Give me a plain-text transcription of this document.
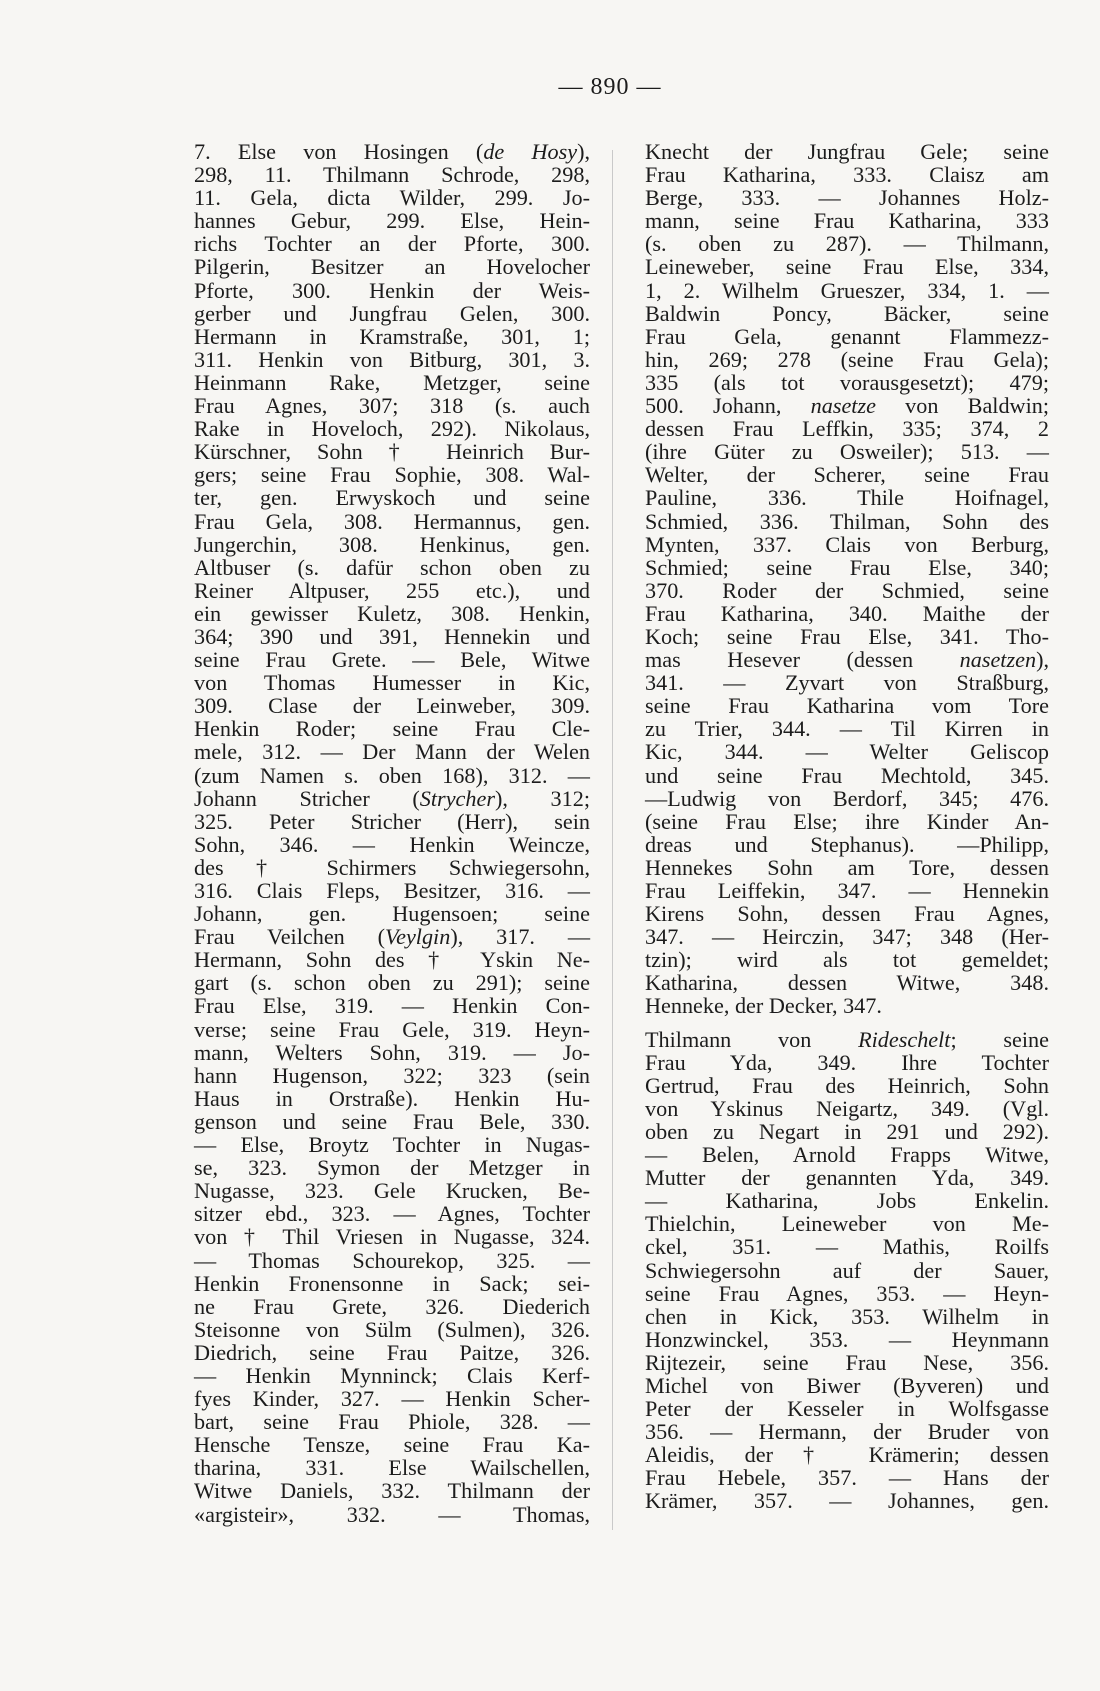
— 890 —
7. Else von Hosingen (de Hosy),
298, 11. Thilmann Schrode, 298,
11. Gela, dicta Wilder, 299. Jo-
hannes Gebur, 299. Else, Hein-
richs Tochter an der Pforte, 300.
Pilgerin, Besitzer an Hovelocher
Pforte, 300. Henkin der Weis-
gerber und Jungfrau Gelen, 300.
Hermann in Kramstraße, 301, 1;
311. Henkin von Bitburg, 301, 3.
Heinmann Rake, Metzger, seine
Frau Agnes, 307; 318 (s. auch
Rake in Hoveloch, 292). Nikolaus,
Kürschner, Sohn † Heinrich Bur-
gers; seine Frau Sophie, 308. Wal-
ter, gen. Erwyskoch und seine
Frau Gela, 308. Hermannus, gen.
Jungerchin, 308. Henkinus, gen.
Altbuser (s. dafür schon oben zu
Reiner Altpuser, 255 etc.), und
ein gewisser Kuletz, 308. Henkin,
364; 390 und 391, Hennekin und
seine Frau Grete. — Bele, Witwe
von Thomas Humesser in Kic,
309. Clase der Leinweber, 309.
Henkin Roder; seine Frau Cle-
mele, 312. — Der Mann der Welen
(zum Namen s. oben 168), 312. —
Johann Stricher (Strycher), 312;
325. Peter Stricher (Herr), sein
Sohn, 346. — Henkin Weincze,
des † Schirmers Schwiegersohn,
316. Clais Fleps, Besitzer, 316. —
Johann, gen. Hugensoen; seine
Frau Veilchen (Veylgin), 317. —
Hermann, Sohn des † Yskin Ne-
gart (s. schon oben zu 291); seine
Frau Else, 319. — Henkin Con-
verse; seine Frau Gele, 319. Heyn-
mann, Welters Sohn, 319. — Jo-
hann Hugenson, 322; 323 (sein
Haus in Orstraße). Henkin Hu-
genson und seine Frau Bele, 330.
— Else, Broytz Tochter in Nugas-
se, 323. Symon der Metzger in
Nugasse, 323. Gele Krucken, Be-
sitzer ebd., 323. — Agnes, Tochter
von † Thil Vriesen in Nugasse, 324.
— Thomas Schourekop, 325. —
Henkin Fronensonne in Sack; sei-
ne Frau Grete, 326. Diederich
Steisonne von Sülm (Sulmen), 326.
Diedrich, seine Frau Paitze, 326.
— Henkin Mynninck; Clais Kerf-
fyes Kinder, 327. — Henkin Scher-
bart, seine Frau Phiole, 328. —
Hensche Tensze, seine Frau Ka-
tharina, 331. Else Wailschellen,
Witwe Daniels, 332. Thilmann der
«argisteir», 332. — Thomas,
Knecht der Jungfrau Gele; seine
Frau Katharina, 333. Claisz am
Berge, 333. — Johannes Holz-
mann, seine Frau Katharina, 333
(s. oben zu 287). — Thilmann,
Leineweber, seine Frau Else, 334,
1, 2. Wilhelm Grueszer, 334, 1. —
Baldwin Poncy, Bäcker, seine
Frau Gela, genannt Flammezz-
hin, 269; 278 (seine Frau Gela);
335 (als tot vorausgesetzt); 479;
500. Johann, nasetze von Baldwin;
dessen Frau Leffkin, 335; 374, 2
(ihre Güter zu Osweiler); 513. —
Welter, der Scherer, seine Frau
Pauline, 336. Thile Hoifnagel,
Schmied, 336. Thilman, Sohn des
Mynten, 337. Clais von Berburg,
Schmied; seine Frau Else, 340;
370. Roder der Schmied, seine
Frau Katharina, 340. Maithe der
Koch; seine Frau Else, 341. Tho-
mas Hesever (dessen nasetzen),
341. — Zyvart von Straßburg,
seine Frau Katharina vom Tore
zu Trier, 344. — Til Kirren in
Kic, 344. — Welter Geliscop
und seine Frau Mechtold, 345.
—Ludwig von Berdorf, 345; 476.
(seine Frau Else; ihre Kinder An-
dreas und Stephanus). —Philipp,
Hennekes Sohn am Tore, dessen
Frau Leiffekin, 347. — Hennekin
Kirens Sohn, dessen Frau Agnes,
347. — Heirczin, 347; 348 (Her-
tzin); wird als tot gemeldet;
Katharina, dessen Witwe, 348.
Henneke, der Decker, 347.
Thilmann von Rideschelt; seine
Frau Yda, 349. Ihre Tochter
Gertrud, Frau des Heinrich, Sohn
von Yskinus Neigartz, 349. (Vgl.
oben zu Negart in 291 und 292).
— Belen, Arnold Frapps Witwe,
Mutter der genannten Yda, 349.
— Katharina, Jobs Enkelin.
Thielchin, Leineweber von Me-
ckel, 351. — Mathis, Roilfs
Schwiegersohn auf der Sauer,
seine Frau Agnes, 353. — Heyn-
chen in Kick, 353. Wilhelm in
Honzwinckel, 353. — Heynmann
Rijtezeir, seine Frau Nese, 356.
Michel von Biwer (Byveren) und
Peter der Kesseler in Wolfsgasse
356. — Hermann, der Bruder von
Aleidis, der † Krämerin; dessen
Frau Hebele, 357. — Hans der
Krämer, 357. — Johannes, gen.
